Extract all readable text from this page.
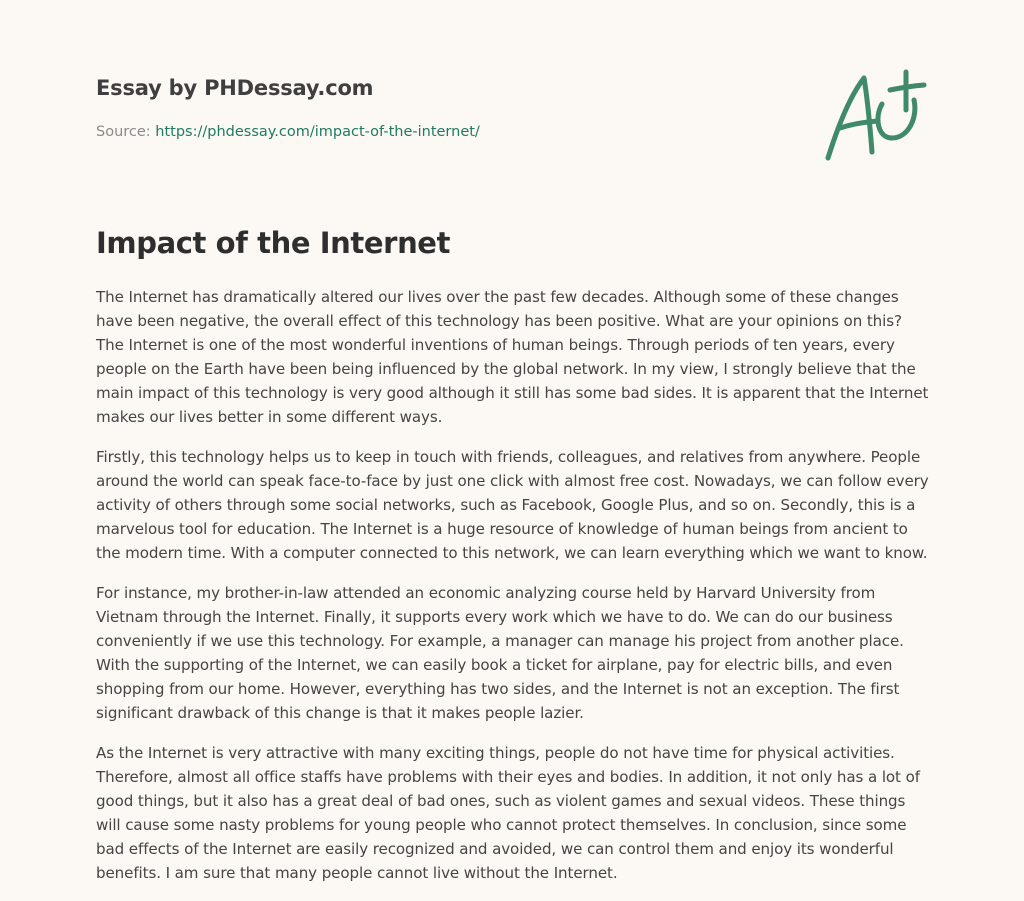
Essay by PHDessay.com

Source: https://phdessay.com/impact-of-the-internet/

Impact of the Internet

The Internet has dramatically altered our lives over the past few decades. Although some of these changes have been negative, the overall effect of this technology has been positive. What are your opinions on this? The Internet is one of the most wonderful inventions of human beings. Through periods of ten years, every people on the Earth have been being influenced by the global network. In my view, I strongly believe that the main impact of this technology is very good although it still has some bad sides. It is apparent that the Internet makes our lives better in some different ways.

Firstly, this technology helps us to keep in touch with friends, colleagues, and relatives from anywhere. People around the world can speak face-to-face by just one click with almost free cost. Nowadays, we can follow every activity of others through some social networks, such as Facebook, Google Plus, and so on. Secondly, this is a marvelous tool for education. The Internet is a huge resource of knowledge of human beings from ancient to the modern time. With a computer connected to this network, we can learn everything which we want to know.

For instance, my brother-in-law attended an economic analyzing course held by Harvard University from Vietnam through the Internet. Finally, it supports every work which we have to do. We can do our business conveniently if we use this technology. For example, a manager can manage his project from another place. With the supporting of the Internet, we can easily book a ticket for airplane, pay for electric bills, and even shopping from our home. However, everything has two sides, and the Internet is not an exception. The first significant drawback of this change is that it makes people lazier.

As the Internet is very attractive with many exciting things, people do not have time for physical activities. Therefore, almost all office staffs have problems with their eyes and bodies. In addition, it not only has a lot of good things, but it also has a great deal of bad ones, such as violent games and sexual videos. These things will cause some nasty problems for young people who cannot protect themselves. In conclusion, since some bad effects of the Internet are easily recognized and avoided, we can control them and enjoy its wonderful benefits. I am sure that many people cannot live without the Internet.
